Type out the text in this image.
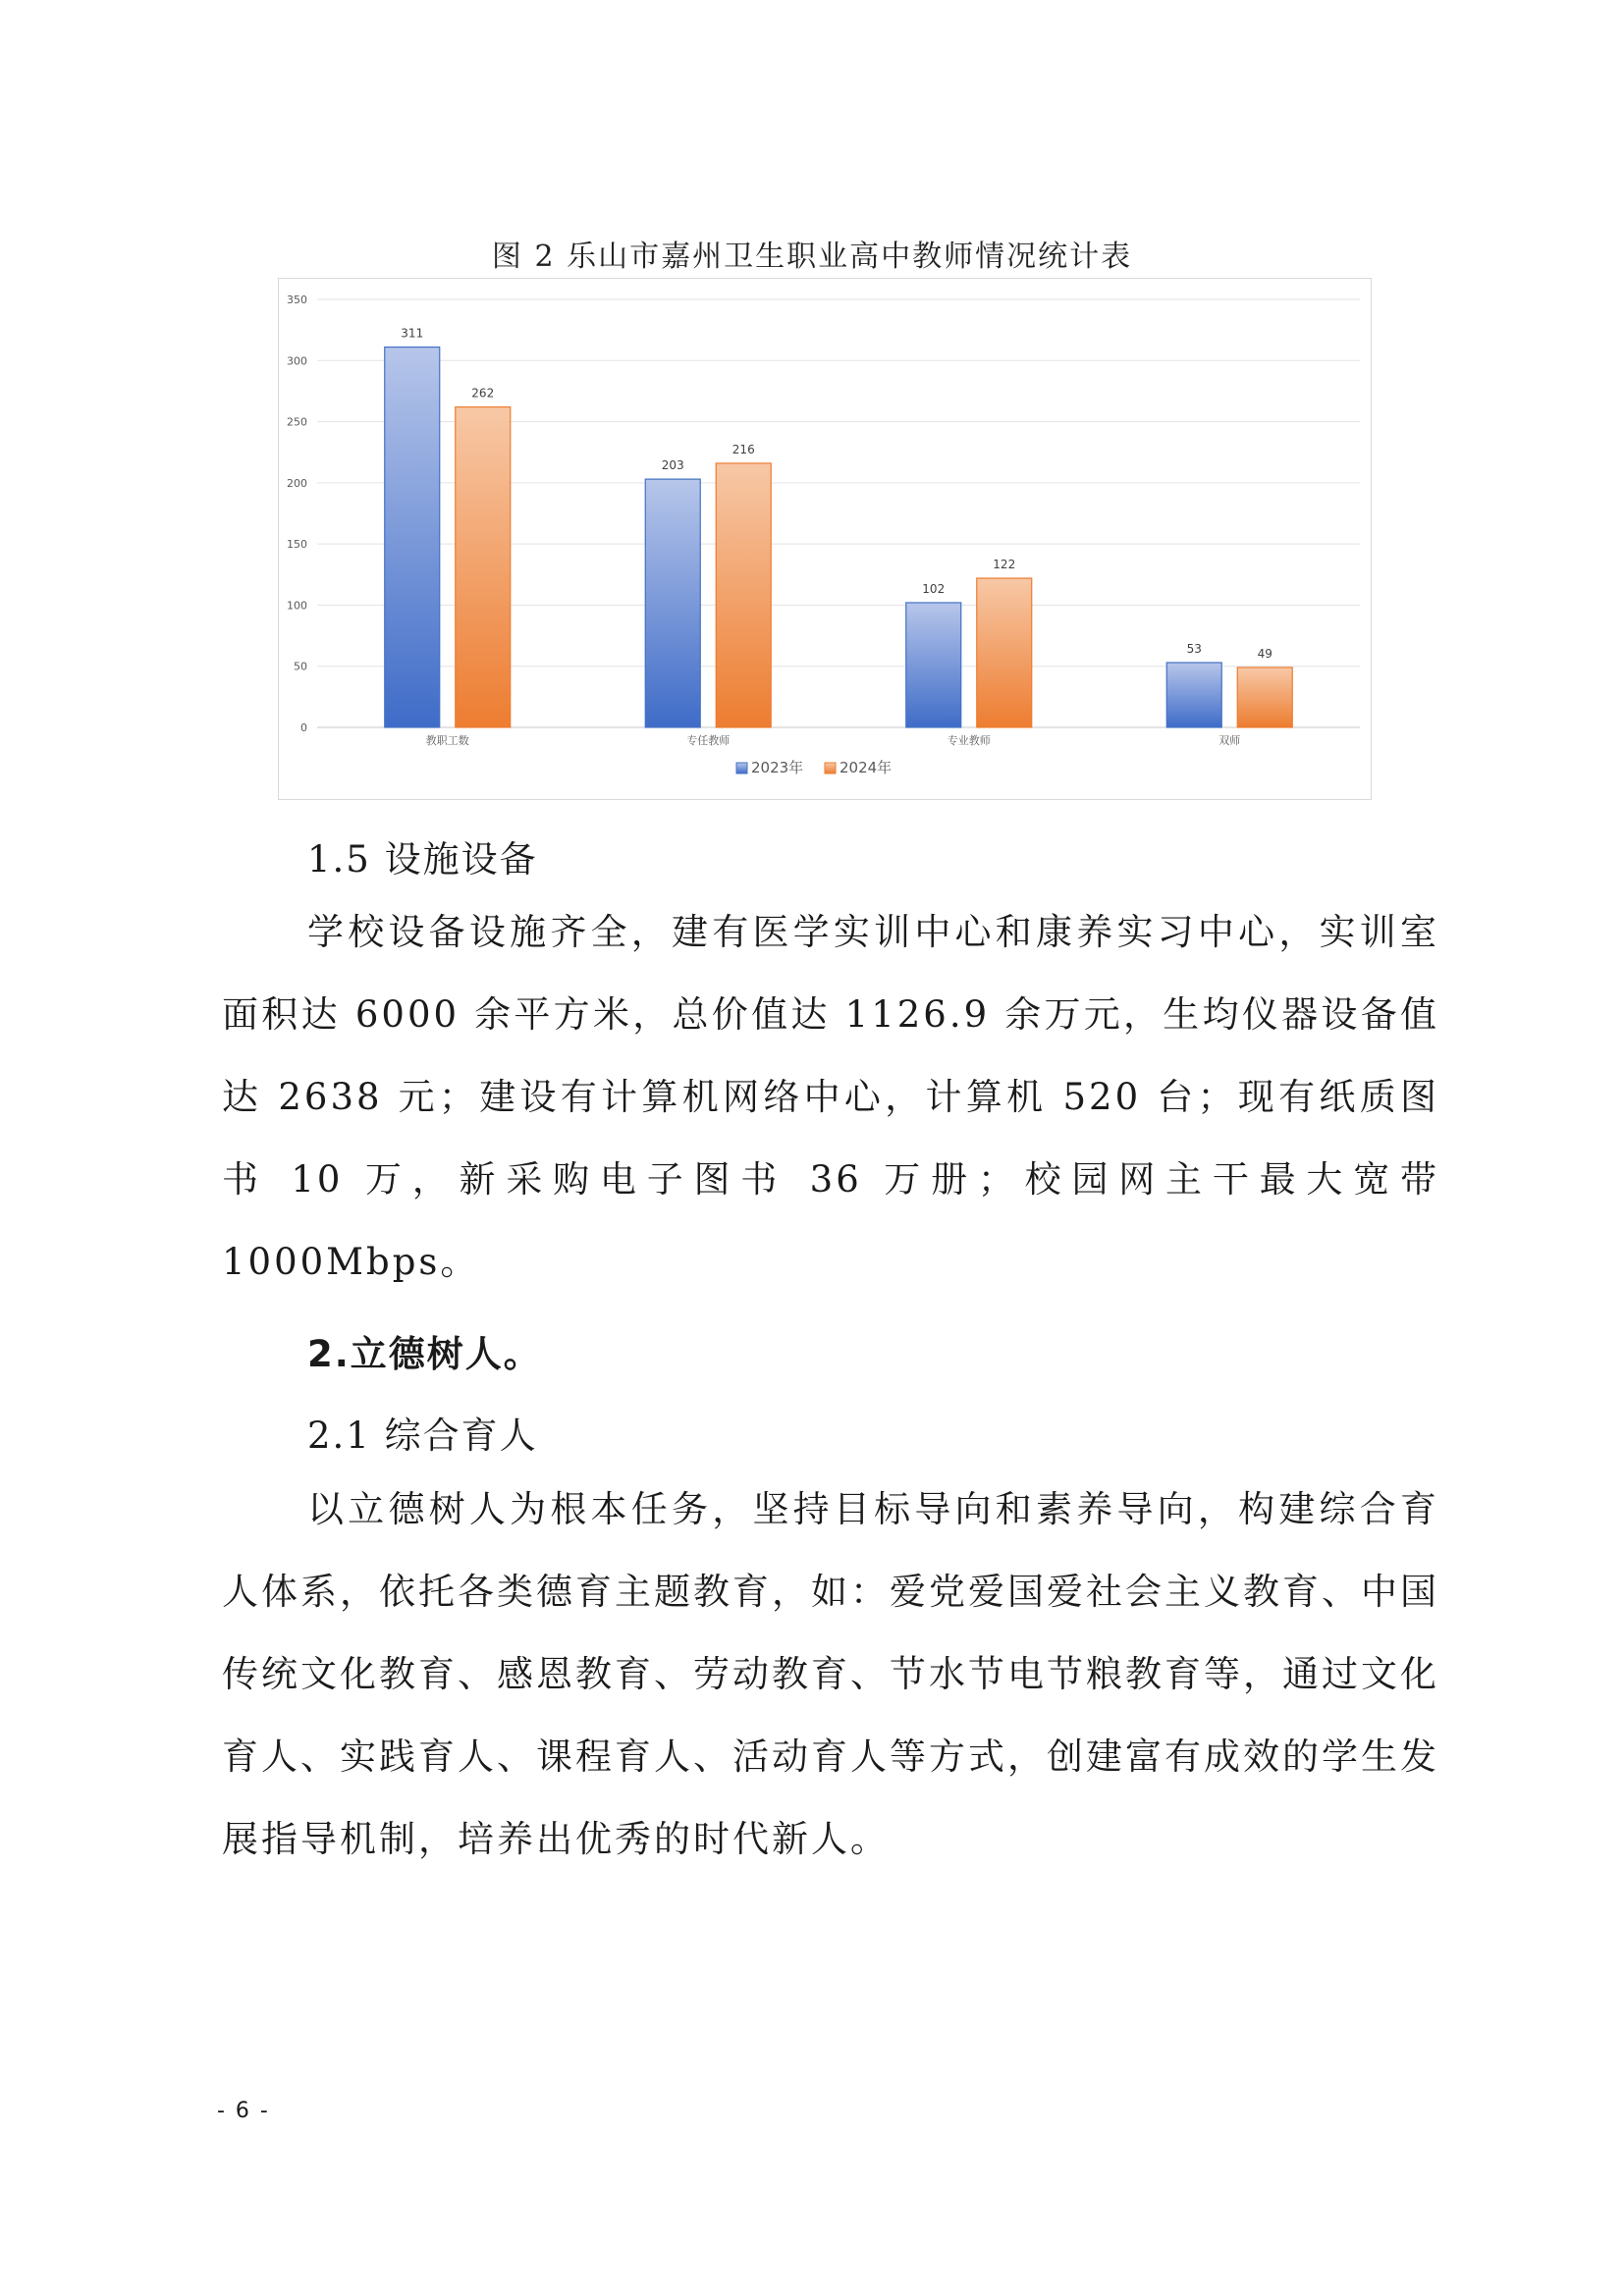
图 2 乐山市嘉州卫生职业高中教师情况统计表
0
50
100
150
200
250
300
350
311
262
教职工数
203
216
专任教师
102
122
专业教师
53	49
双师
2023年 2024年
1.5 设施设备

学校设备设施齐全，建有医学实训中心和康养实习中心，实训室面积达 6000 余平方米，总价值达 1126.9 余万元，生均仪器设备值达 2638 元；建设有计算机网络中心，计算机 520 台；现有纸质图书 10 万，新采购电子图书 36 万册；校园网主干最大宽带 1000Mbps。

2.立德树人。
2.1 综合育人

以立德树人为根本任务，坚持目标导向和素养导向，构建综合育人体系，依托各类德育主题教育，如：爱党爱国爱社会主义教育、中国传统文化教育、感恩教育、劳动教育、节水节电节粮教育等，通过文化育人、实践育人、课程育人、活动育人等方式，创建富有成效的学生发展指导机制，培养出优秀的时代新人。

- 6 -
